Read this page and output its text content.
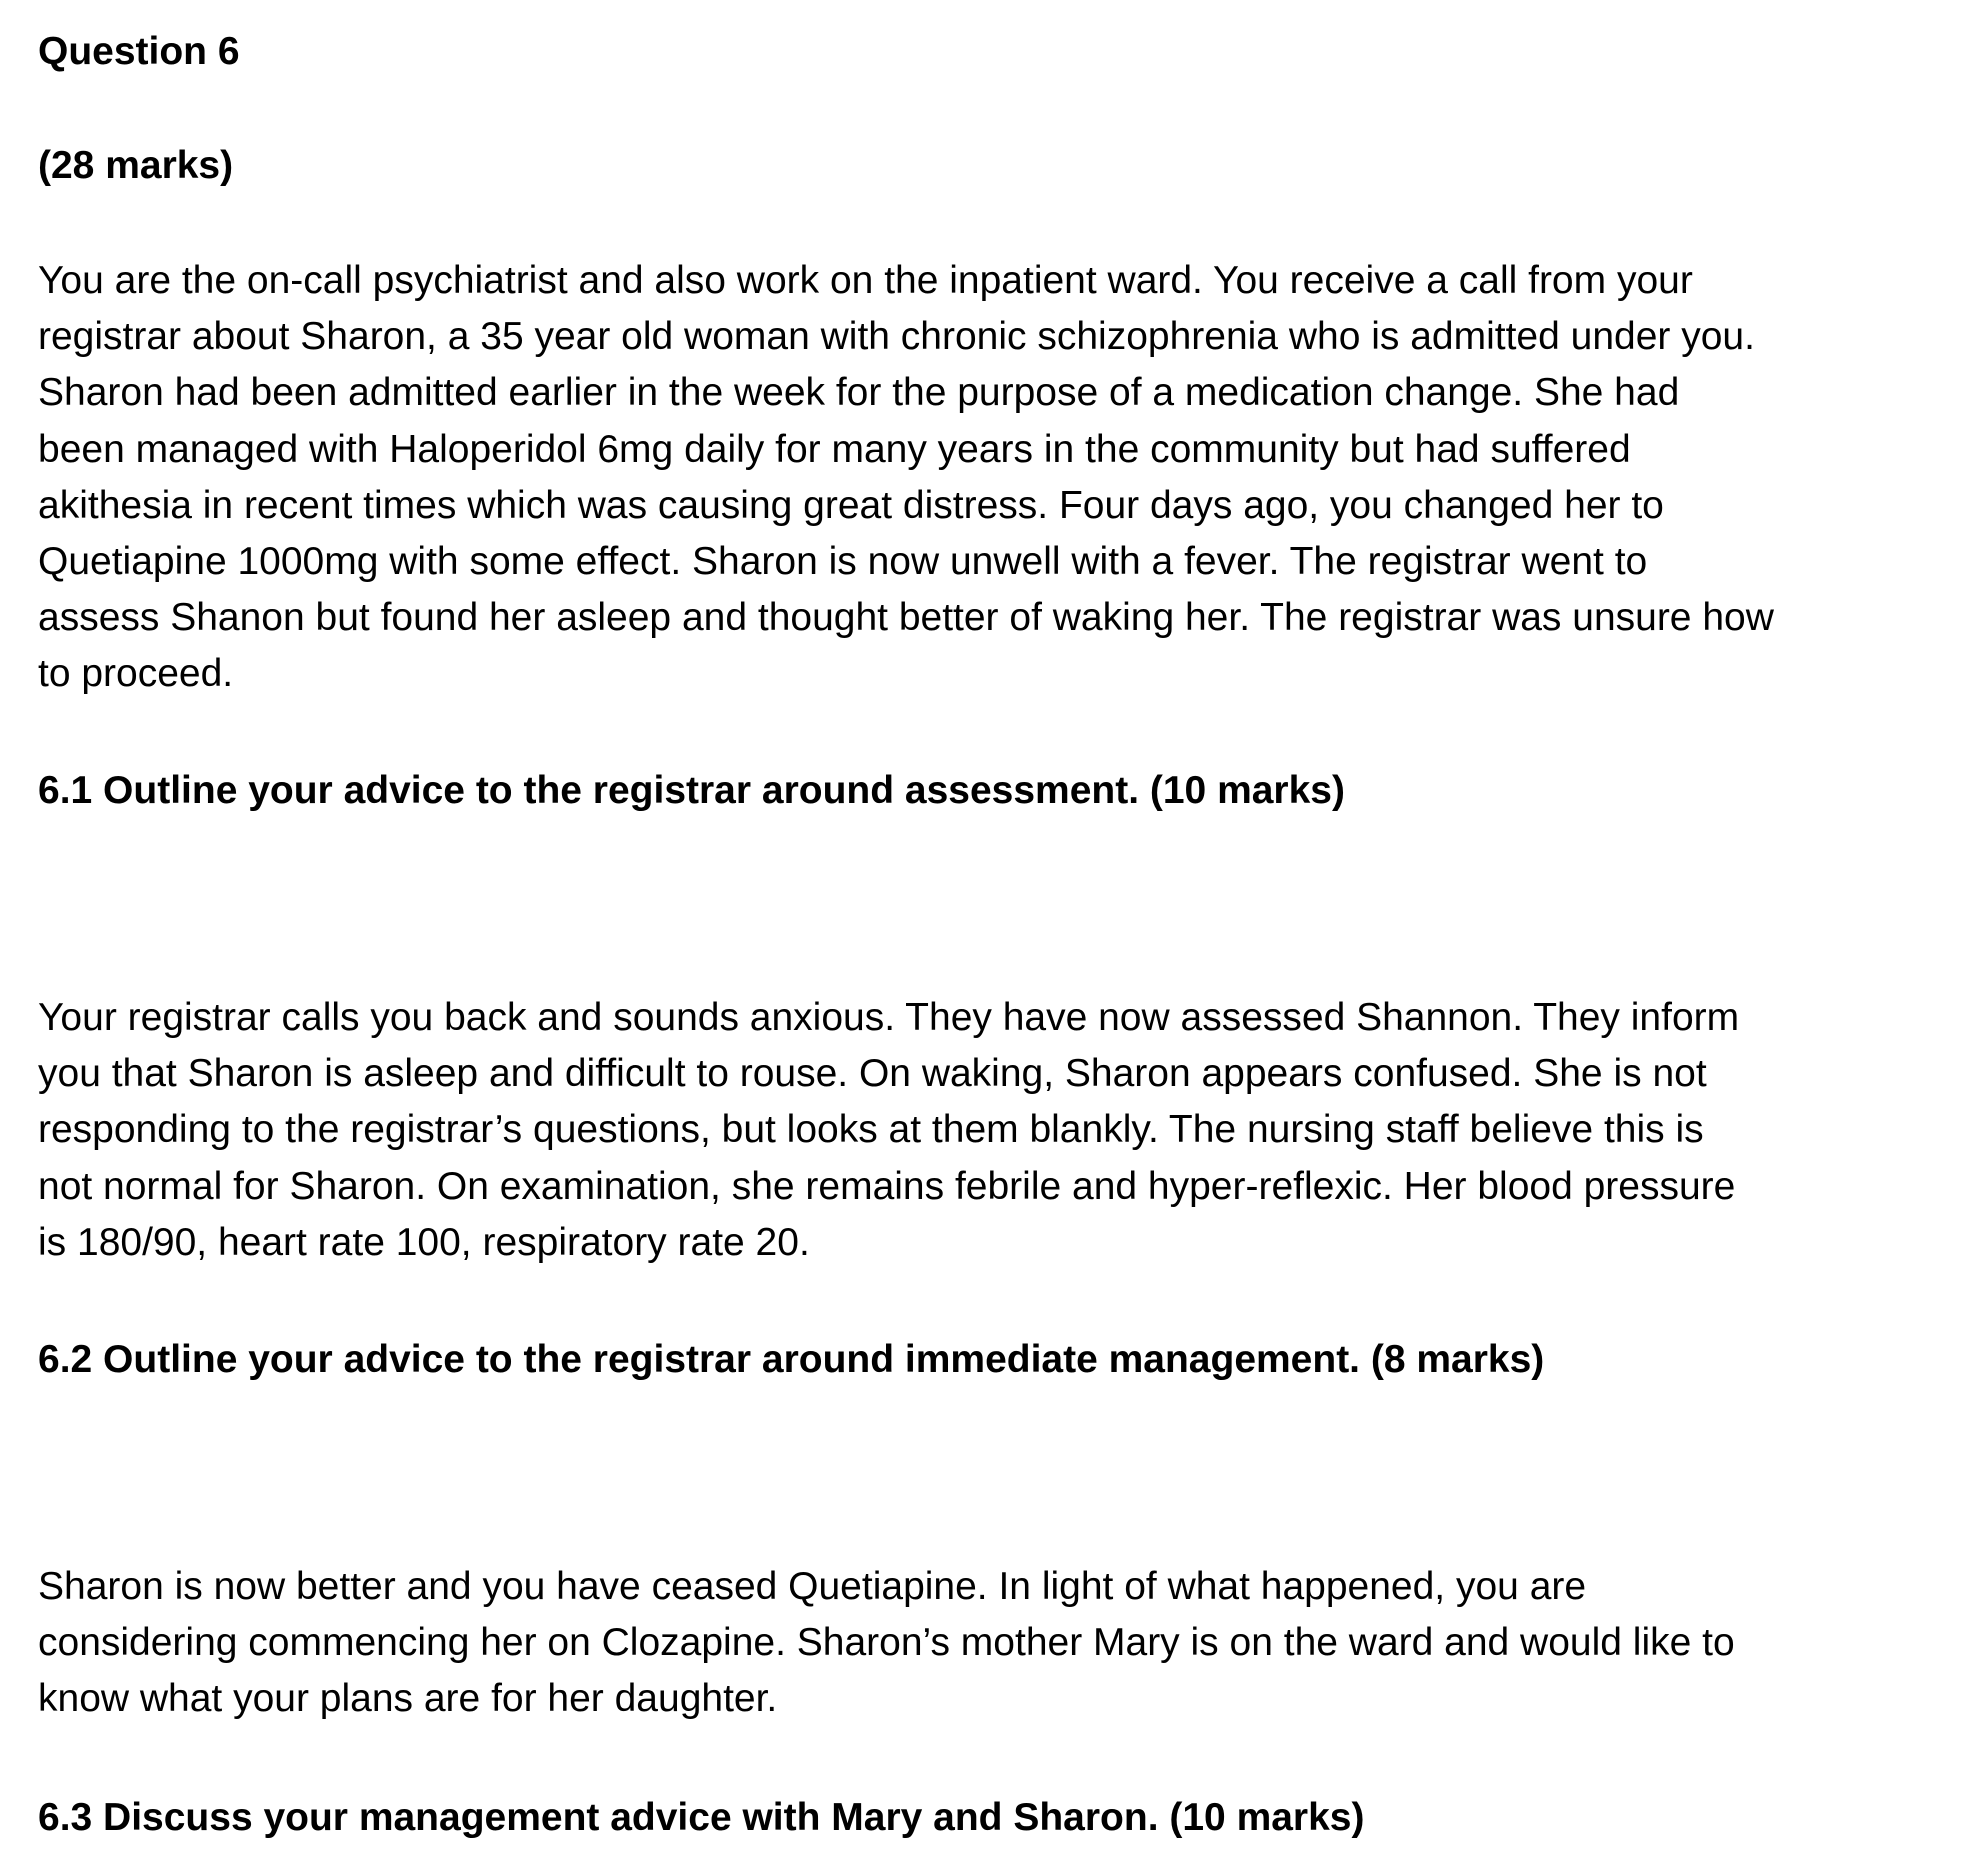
Question 6

(28 marks)

You are the on-call psychiatrist and also work on the inpatient ward. You receive a call from your
registrar about Sharon, a 35 year old woman with chronic schizophrenia who is admitted under you.
Sharon had been admitted earlier in the week for the purpose of a medication change. She had
been managed with Haloperidol 6mg daily for many years in the community but had suffered
akithesia in recent times which was causing great distress. Four days ago, you changed her to
Quetiapine 1000mg with some effect. Sharon is now unwell with a fever. The registrar went to
assess Shanon but found her asleep and thought better of waking her. The registrar was unsure how
to proceed.

6.1 Outline your advice to the registrar around assessment. (10 marks)

Your registrar calls you back and sounds anxious. They have now assessed Shannon. They inform
you that Sharon is asleep and difficult to rouse. On waking, Sharon appears confused. She is not
responding to the registrar’s questions, but looks at them blankly. The nursing staff believe this is
not normal for Sharon. On examination, she remains febrile and hyper-reflexic. Her blood pressure
is 180/90, heart rate 100, respiratory rate 20.

6.2 Outline your advice to the registrar around immediate management. (8 marks)

Sharon is now better and you have ceased Quetiapine. In light of what happened, you are
considering commencing her on Clozapine. Sharon’s mother Mary is on the ward and would like to
know what your plans are for her daughter.

6.3 Discuss your management advice with Mary and Sharon. (10 marks)
